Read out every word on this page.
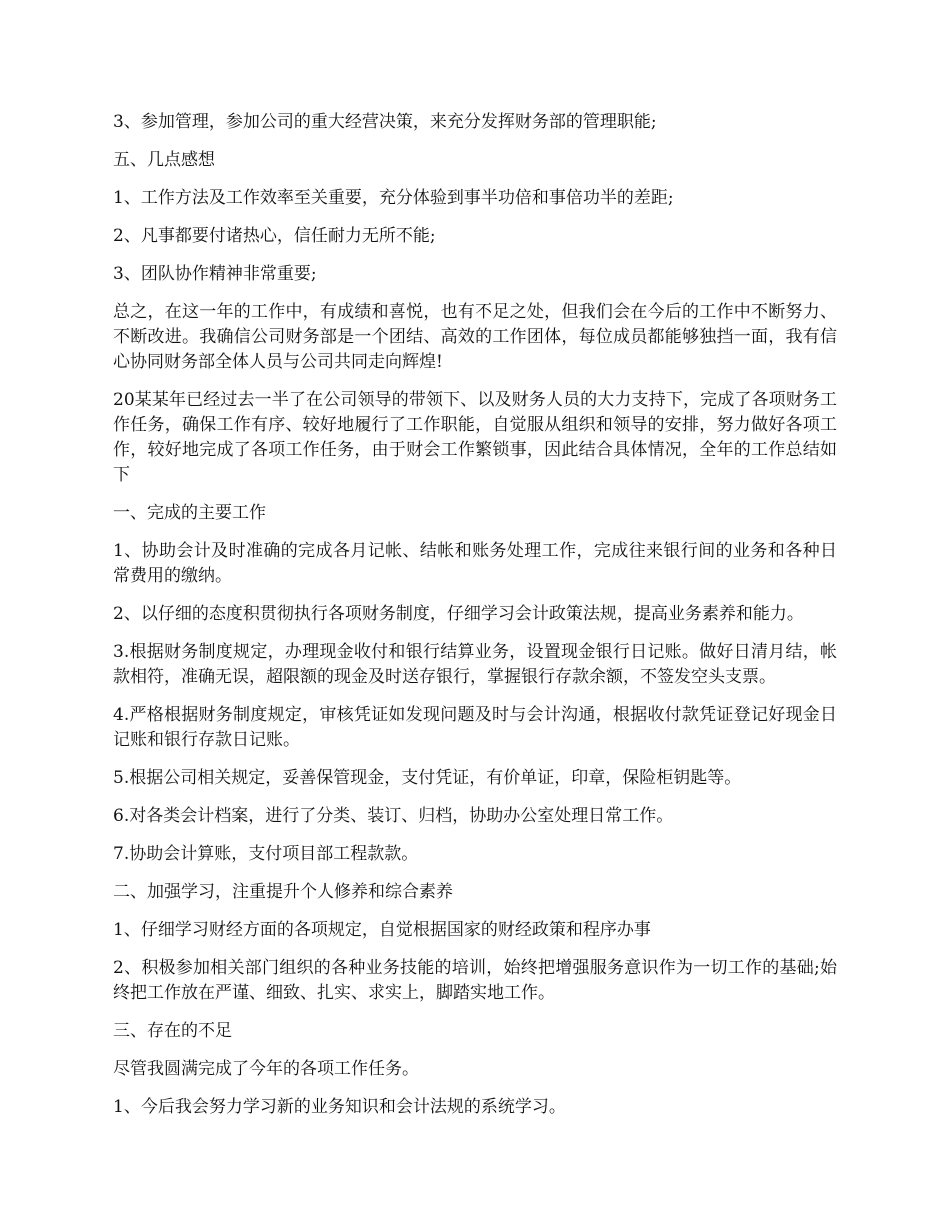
3、参加管理，参加公司的重大经营决策，来充分发挥财务部的管理职能;

五、几点感想

1、工作方法及工作效率至关重要，充分体验到事半功倍和事倍功半的差距;

2、凡事都要付诸热心，信任耐力无所不能;

3、团队协作精神非常重要;

总之，在这一年的工作中，有成绩和喜悦，也有不足之处，但我们会在今后的工作中不断努力、不断改进。我确信公司财务部是一个团结、高效的工作团体，每位成员都能够独挡一面，我有信心协同财务部全体人员与公司共同走向辉煌!

20某某年已经过去一半了在公司领导的带领下、以及财务人员的大力支持下，完成了各项财务工作任务，确保工作有序、较好地履行了工作职能，自觉服从组织和领导的安排，努力做好各项工作，较好地完成了各项工作任务，由于财会工作繁锁事，因此结合具体情况，全年的工作总结如下

一、完成的主要工作

1、协助会计及时准确的完成各月记帐、结帐和账务处理工作，完成往来银行间的业务和各种日常费用的缴纳。

2、以仔细的态度积贯彻执行各项财务制度，仔细学习会计政策法规，提高业务素养和能力。

3.根据财务制度规定，办理现金收付和银行结算业务，设置现金银行日记账。做好日清月结，帐款相符，准确无误，超限额的现金及时送存银行，掌握银行存款余额，不签发空头支票。

4.严格根据财务制度规定，审核凭证如发现问题及时与会计沟通，根据收付款凭证登记好现金日记账和银行存款日记账。

5.根据公司相关规定，妥善保管现金，支付凭证，有价单证，印章，保险柜钥匙等。

6.对各类会计档案，进行了分类、装订、归档，协助办公室处理日常工作。

7.协助会计算账，支付项目部工程款款。

二、加强学习，注重提升个人修养和综合素养

1、仔细学习财经方面的各项规定，自觉根据国家的财经政策和程序办事

2、积极参加相关部门组织的各种业务技能的培训，始终把增强服务意识作为一切工作的基础;始终把工作放在严谨、细致、扎实、求实上，脚踏实地工作。

三、存在的不足

尽管我圆满完成了今年的各项工作任务。

1、今后我会努力学习新的业务知识和会计法规的系统学习。
